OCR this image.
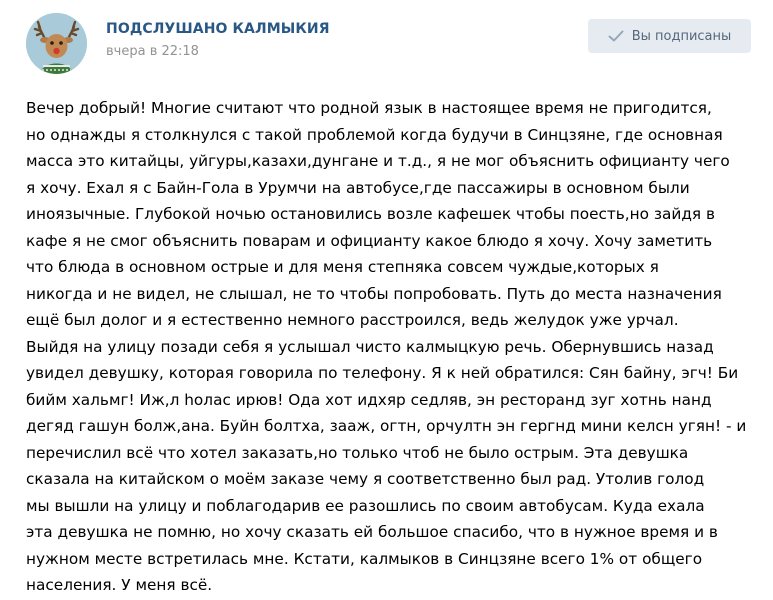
ПОДСЛУШАНО КАЛМЫКИЯ
вчера в 22:18
Вы подписаны
Вечер добрый! Многие считают что родной язык в настоящее время не пригодится,
но однажды я столкнулся с такой проблемой когда будучи в Синцзяне, где основная
масса это китайцы, уйгуры,казахи,дунгане и т.д., я не мог объяснить официанту чего
я хочу. Ехал я с Байн-Гола в Урумчи на автобусе,где пассажиры в основном были
иноязычные. Глубокой ночью остановились возле кафешек чтобы поесть,но зайдя в
кафе я не смог объяснить поварам и официанту какое блюдо я хочу. Хочу заметить
что блюда в основном острые и для меня степняка совсем чуждые,которых я
никогда и не видел, не слышал, не то чтобы попробовать. Путь до места назначения
ещё был долог и я естественно немного расстроился, ведь желудок уже урчал.
Выйдя на улицу позади себя я услышал чисто калмыцкую речь. Обернувшись назад
увидел девушку, которая говорила по телефону. Я к ней обратился: Сян байну, эгч! Би
бийм хальмг! Иж,л hолас ирюв! Ода хот идхяр седляв, эн ресторанд зуг хотнь нанд
дегяд гашун болж,ана. Буйн болтха, зааж, огтн, орчултн эн гергнд мини келсн угян! - и
перечислил всё что хотел заказать,но только чтоб не было острым. Эта девушка
сказала на китайском о моём заказе чему я соответственно был рад. Утолив голод
мы вышли на улицу и поблагодарив ее разошлись по своим автобусам. Куда ехала
эта девушка не помню, но хочу сказать ей большое спасибо, что в нужное время и в
нужном месте встретилась мне. Кстати, калмыков в Синцзяне всего 1% от общего
населения. У меня всё.
